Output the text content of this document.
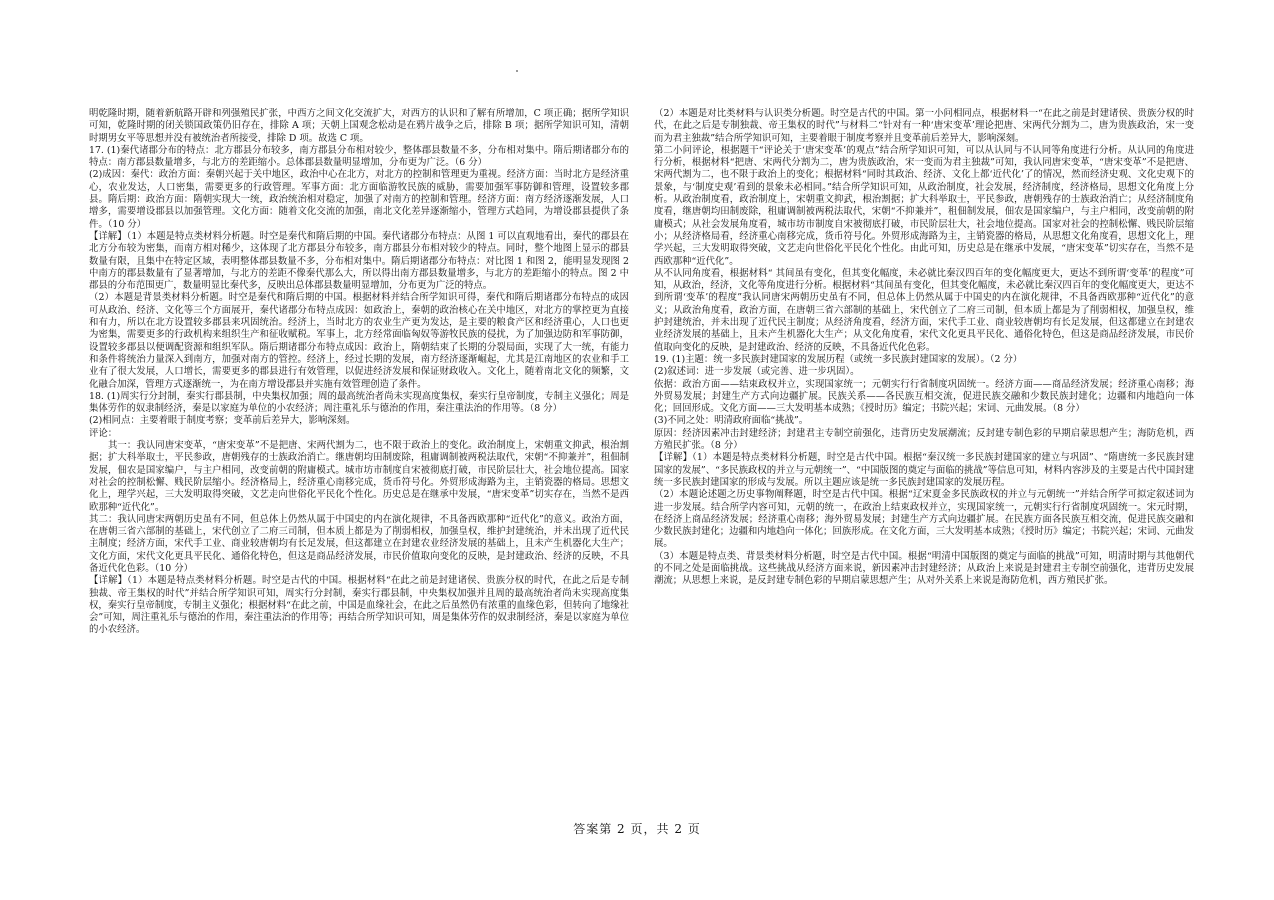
明乾隆时期，随着新航路开辟和列强殖民扩张，中西方之间文化交流扩大，对西方的认识和了解有所增加，C 项正确；据所学知识可知，乾隆时期的闭关锁国政策仍旧存在，排除 A 项；天朝上国观念松动是在鸦片战争之后，排除 B 项；据所学知识可知，清朝时期男女平等思想并没有被统治者所接受，排除 D 项。故选 C 项。

17. (1)秦代诸郡分布的特点：北方郡县分布较多，南方郡县分布相对较少，整体郡县数量不多，分布相对集中。隋后期诸郡分布的特点：南方郡县数量增多，与北方的差距缩小。总体郡县数量明显增加，分布更为广泛。（6 分）

(2)成因：秦代：政治方面：秦朝兴起于关中地区，政治中心在北方，对北方的控制和管理更为重视。经济方面：当时北方是经济重心，农业发达，人口密集，需要更多的行政管理。军事方面：北方面临游牧民族的威胁，需要加强军事防御和管理，设置较多郡县。隋后期：政治方面：隋朝实现大一统，政治统治相对稳定，加强了对南方的控制和管理。经济方面：南方经济逐渐发展，人口增多，需要增设郡县以加强管理。文化方面：随着文化交流的加强，南北文化差异逐渐缩小，管理方式趋同，为增设郡县提供了条件。（10 分）

【详解】（1）本题是特点类材料分析题。时空是秦代和隋后期的中国。秦代诸郡分布特点：从图 1 可以直观地看出，秦代的郡县在北方分布较为密集，而南方相对稀少，这体现了北方郡县分布较多，南方郡县分布相对较少的特点。同时，整个地图上显示的郡县数量有限，且集中在特定区域，表明整体郡县数量不多，分布相对集中。隋后期诸郡分布特点：对比图 1 和图 2，能明显发现图 2 中南方的郡县数量有了显著增加，与北方的差距不像秦代那么大，所以得出南方郡县数量增多，与北方的差距缩小的特点。图 2 中郡县的分布范围更广，数量明显比秦代多，反映出总体郡县数量明显增加，分布更为广泛的特点。

（2）本题是背景类材料分析题。时空是秦代和隋后期的中国。根据材料并结合所学知识可得，秦代和隋后期诸郡分布特点的成因可从政治、经济、文化等三个方面展开，秦代诸郡分布特点成因：如政治上，秦朝的政治核心在关中地区，对北方的掌控更为直接和有力，所以在北方设置较多郡县来巩固统治。经济上，当时北方的农业生产更为发达，是主要的粮食产区和经济重心，人口也更为密集，需要更多的行政机构来组织生产和征收赋税。军事上，北方经常面临匈奴等游牧民族的侵扰，为了加强边防和军事防御，设置较多郡县以便调配资源和组织军队。隋后期诸郡分布特点成因：政治上，隋朝结束了长期的分裂局面，实现了大一统，有能力和条件将统治力量深入到南方，加强对南方的管控。经济上，经过长期的发展，南方经济逐渐崛起，尤其是江南地区的农业和手工业有了很大发展，人口增长，需要更多的郡县进行有效管理，以促进经济发展和保证财政收入。文化上，随着南北文化的频繁，文化融合加深，管理方式逐渐统一，为在南方增设郡县并实施有效管理创造了条件。

18. (1)周实行分封制，秦实行郡县制，中央集权加强；周的最高统治者尚未实现高度集权，秦实行皇帝制度，专制主义强化；周是集体劳作的奴隶制经济，秦是以家庭为单位的小农经济；周注重礼乐与德治的作用，秦注重法治的作用等。（8 分）

(2)相同点：主要着眼于制度考察；变革前后差异大，影响深刻。

评论：

　　其一：我认同唐宋变革，“唐宋变革”不是把唐、宋两代割为二，也不限于政治上的变化。政治制度上，宋朝重文抑武，根治割据；扩大科举取士，平民参政，唐朝残存的士族政治消亡。继唐朝均田制废除，租庸调制被两税法取代，宋朝“不抑兼并”，租佃制发展，佃农是国家编户，与主户相同，改变前朝的附庸模式。城市坊市制度自宋被彻底打破，市民阶层壮大，社会地位提高。国家对社会的控制松懈、贱民阶层缩小。经济格局上，经济重心南移完成，货币符号化。外贸形成海路为主，主销瓷器的格局。思想文化上，理学兴起，三大发明取得突破，文艺走向世俗化平民化个性化。历史总是在继承中发展，“唐宋变革”切实存在，当然不是西欧那种“近代化”。

其二：我认同唐宋两朝历史虽有不同，但总体上仍然从属于中国史的内在演化规律，不具备西欧那种“近代化”的意义。政治方面，在唐朝三省六部制的基础上，宋代创立了二府三司制，但本质上都是为了削弱相权，加强皇权，维护封建统治，并未出现了近代民主制度；经济方面，宋代手工业、商业较唐朝均有长足发展，但这都建立在封建农业经济发展的基础上，且未产生机器化大生产；文化方面，宋代文化更具平民化、通俗化特色，但这是商品经济发展，市民价值取向变化的反映，是封建政治、经济的反映，不具备近代化色彩。（10 分）

【详解】（1）本题是特点类材料分析题。时空是古代的中国。根据材料“在此之前是封建诸侯、贵族分权的时代，在此之后是专制独裁、帝王集权的时代”并结合所学知识可知，周实行分封制，秦实行郡县制，中央集权加强并且周的最高统治者尚未实现高度集权，秦实行皇帝制度，专制主义强化；根据材料“在此之前，中国是血缘社会，在此之后虽然仍有浓重的血缘色彩，但转向了地缘社会”可知，周注重礼乐与德治的作用，秦注重法治的作用等；再结合所学知识可知，周是集体劳作的奴隶制经济，秦是以家庭为单位的小农经济。

（2）本题是对比类材料与认识类分析题。时空是古代的中国。第一小问相同点，根据材料一“在此之前是封建诸侯、贵族分权的时代，在此之后是专制独裁、帝王集权的时代”与材料二“针对有一种‘唐宋变革’理论把唐、宋两代分割为二，唐为贵族政治，宋一变而为君主独裁”结合所学知识可知，主要着眼于制度考察并且变革前后差异大，影响深刻。

第二小问评论，根据题干“评论关于‘唐宋变革’的观点”结合所学知识可知，可以从认同与不认同等角度进行分析。从认同的角度进行分析，根据材料“把唐、宋两代分割为二，唐为贵族政治，宋一变而为君主独裁”可知，我认同唐宋变革，“唐宋变革”不是把唐、宋两代割为二，也不限于政治上的变化；根据材料“同时其政治、经济、文化上都‘近代化’了的情况，然而经济史观、文化史观下的景象，与‘制度史观’看到的景象未必相同。”结合所学知识可知，从政治制度，社会发展，经济制度，经济格局，思想文化角度上分析。从政治制度看，政治制度上，宋朝重文抑武，根治割据；扩大科举取士，平民参政，唐朝残存的士族政治消亡；从经济制度角度看，继唐朝均田制废除，租庸调制被两税法取代，宋朝“不抑兼并”，租佃制发展，佃农是国家编户，与主户相同，改变前朝的附庸模式；从社会发展角度看，城市坊市制度自宋被彻底打破，市民阶层壮大，社会地位提高。国家对社会的控制松懈、贱民阶层缩小；从经济格局看，经济重心南移完成，货币符号化。外贸形成海路为主，主销瓷器的格局，从思想文化角度看，思想文化上，理学兴起，三大发明取得突破，文艺走向世俗化平民化个性化。由此可知，历史总是在继承中发展，“唐宋变革”切实存在，当然不是西欧那种“近代化”。

从不认同角度看，根据材料“ 其间虽有变化，但其变化幅度，未必就比秦汉四百年的变化幅度更大，更达不到所谓‘变革’的程度”可知，从政治，经济，文化等角度进行分析。根据材料“其间虽有变化，但其变化幅度，未必就比秦汉四百年的变化幅度更大，更达不到所谓‘变革’的程度”我认同唐宋两朝历史虽有不同，但总体上仍然从属于中国史的内在演化规律，不具备西欧那种“近代化”的意义；从政治角度看，政治方面，在唐朝三省六部制的基础上，宋代创立了二府三司制，但本质上都是为了削弱相权，加强皇权，维护封建统治，并未出现了近代民主制度；从经济角度看，经济方面，宋代手工业、商业较唐朝均有长足发展，但这都建立在封建农业经济发展的基础上，且未产生机器化大生产；从文化角度看，宋代文化更具平民化、通俗化特色，但这是商品经济发展，市民价值取向变化的反映，是封建政治、经济的反映，不具备近代化色彩。

19. (1)主题：统一多民族封建国家的发展历程（或统一多民族封建国家的发展）。（2 分）

(2)叙述词：进一步发展（或完善、进一步巩固）。

依据：政治方面——结束政权并立，实现国家统一；元朝实行行省制度巩固统一。经济方面——商品经济发展；经济重心南移；海外贸易发展；封建生产方式向边疆扩展。民族关系——各民族互相交流，促进民族交融和少数民族封建化；边疆和内地趋向一体化；回回形成。文化方面——三大发明基本成熟；《授时历》编定；书院兴起；宋词、元曲发展。（8 分）

(3)不同之处：明清政府面临“挑战”。

原因：经济因素冲击封建经济；封建君主专制空前强化，违背历史发展潮流；反封建专制色彩的早期启蒙思想产生；海防危机，西方殖民扩张。（8 分）

【详解】（1）本题是特点类材料分析题，时空是古代中国。根据“秦汉统一多民族封建国家的建立与巩固”、“隋唐统一多民族封建国家的发展”、“多民族政权的并立与元朝统一”、“中国版图的奠定与面临的挑战”等信息可知，材料内容涉及的主要是古代中国封建统一多民族封建国家的形成与发展。所以主题应该是统一多民族封建国家的发展历程。

（2）本题论述题之历史事物阐释题，时空是古代中国。根据“辽宋夏金多民族政权的并立与元朝统一”并结合所学可拟定叙述词为进一步发展。结合所学内容可知，元朝的统一，在政治上结束政权并立，实现国家统一，元朝实行行省制度巩固统一。宋元时期，在经济上商品经济发展；经济重心南移；海外贸易发展；封建生产方式向边疆扩展。在民族方面各民族互相交流，促进民族交融和少数民族封建化；边疆和内地趋向一体化；回族形成。在文化方面，三大发明基本成熟；《授时历》编定；书院兴起；宋词、元曲发展。

（3）本题是特点类、背景类材料分析题，时空是古代中国。根据“明清中国版图的奠定与面临的挑战”可知，明清时期与其他朝代的不同之处是面临挑战。这些挑战从经济方面来说，新因素冲击封建经济；从政治上来说是封建君主专制空前强化，违背历史发展潮流；从思想上来说，是反封建专制色彩的早期启蒙思想产生；从对外关系上来说是海防危机，西方殖民扩张。

答案第 2 页，共 2 页
